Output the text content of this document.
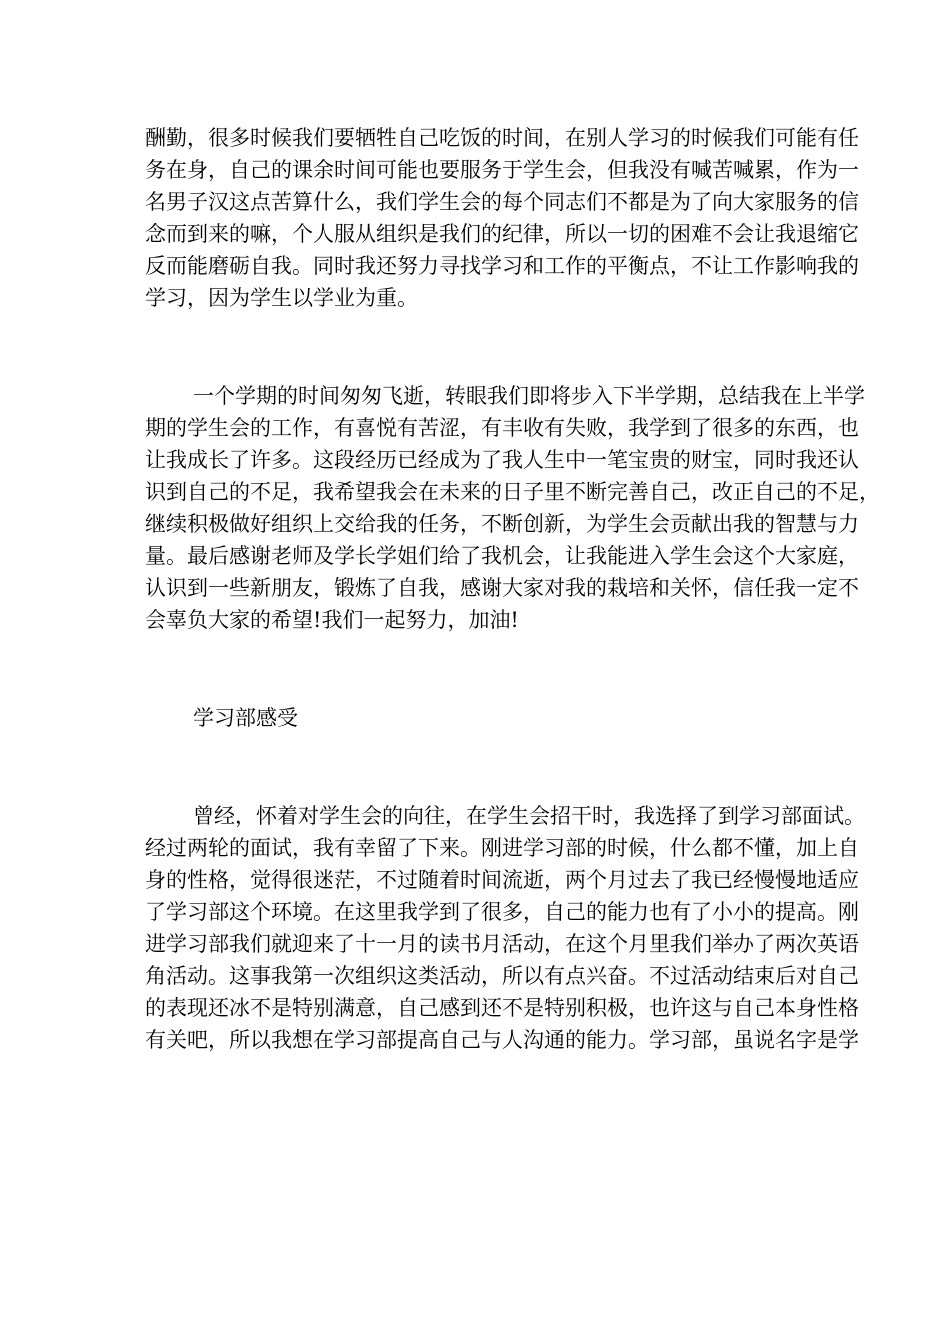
酬勤，很多时候我们要牺牲自己吃饭的时间，在别人学习的时候我们可能有任
务在身，自己的课余时间可能也要服务于学生会，但我没有喊苦喊累，作为一
名男子汉这点苦算什么，我们学生会的每个同志们不都是为了向大家服务的信
念而到来的嘛，个人服从组织是我们的纪律，所以一切的困难不会让我退缩它
反而能磨砺自我。同时我还努力寻找学习和工作的平衡点，不让工作影响我的
学习，因为学生以学业为重。
一个学期的时间匆匆飞逝，转眼我们即将步入下半学期，总结我在上半学
期的学生会的工作，有喜悦有苦涩，有丰收有失败，我学到了很多的东西，也
让我成长了许多。这段经历已经成为了我人生中一笔宝贵的财宝，同时我还认
识到自己的不足，我希望我会在未来的日子里不断完善自己，改正自己的不足，
继续积极做好组织上交给我的任务，不断创新，为学生会贡献出我的智慧与力
量。最后感谢老师及学长学姐们给了我机会，让我能进入学生会这个大家庭，
认识到一些新朋友，锻炼了自我，感谢大家对我的栽培和关怀，信任我一定不
会辜负大家的希望!我们一起努力，加油!
学习部感受
曾经，怀着对学生会的向往，在学生会招干时，我选择了到学习部面试。
经过两轮的面试，我有幸留了下来。刚进学习部的时候，什么都不懂，加上自
身的性格，觉得很迷茫，不过随着时间流逝，两个月过去了我已经慢慢地适应
了学习部这个环境。在这里我学到了很多，自己的能力也有了小小的提高。刚
进学习部我们就迎来了十一月的读书月活动，在这个月里我们举办了两次英语
角活动。这事我第一次组织这类活动，所以有点兴奋。不过活动结束后对自己
的表现还冰不是特别满意，自己感到还不是特别积极，也许这与自己本身性格
有关吧，所以我想在学习部提高自己与人沟通的能力。学习部，虽说名字是学
